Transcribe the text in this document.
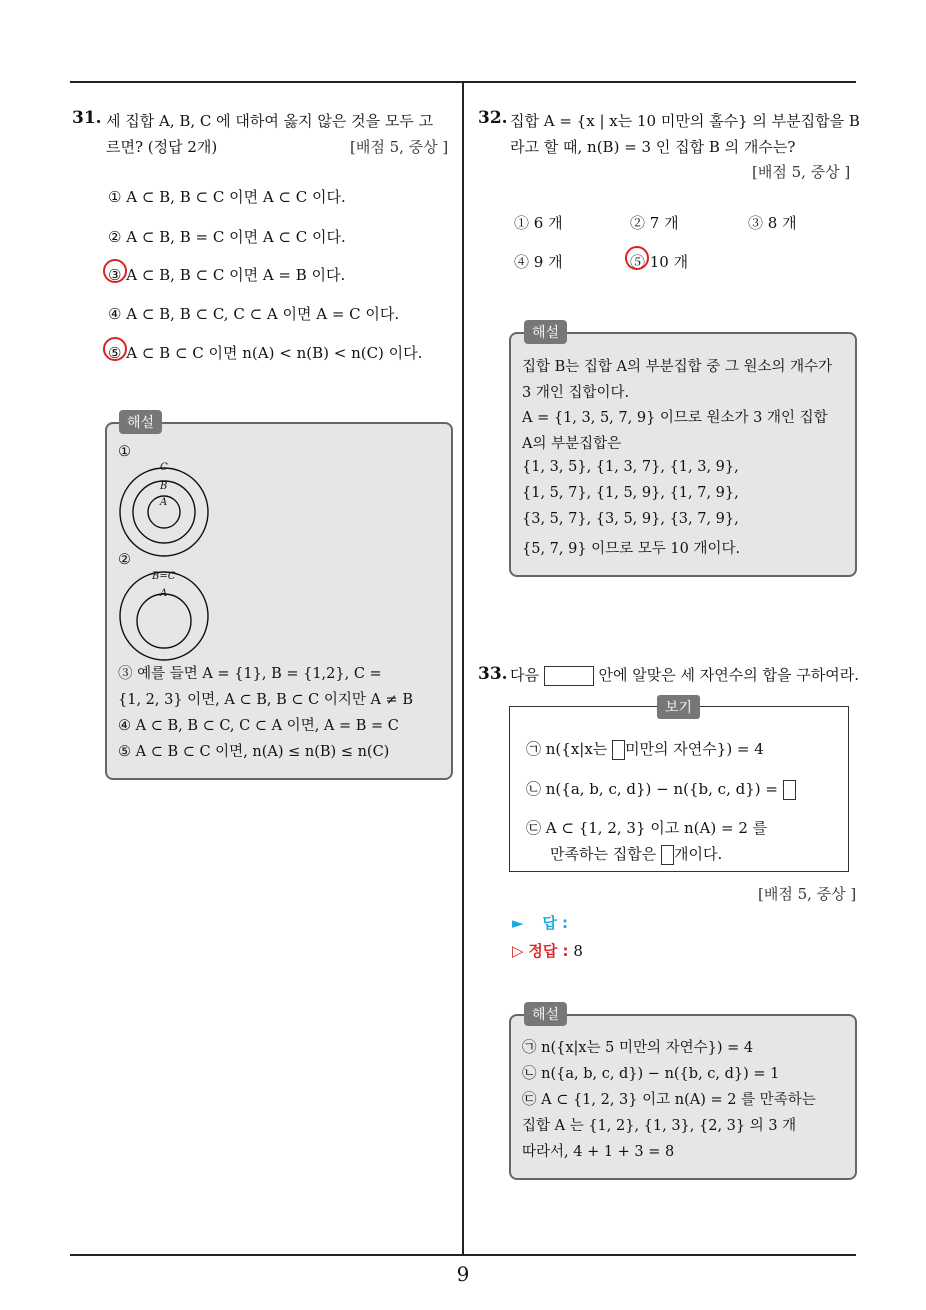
9
31. 세 집합 A, B, C 에 대하여 옳지 않은 것을 모두 고
르면? (정답 2개)	[배점 5, 중상 ]
① A ⊂ B, B ⊂ C 이면 A ⊂ C 이다.
② A ⊂ B, B = C 이면 A ⊂ C 이다.
③ A ⊂ B, B ⊂ C 이면 A = B 이다.
④ A ⊂ B, B ⊂ C, C ⊂ A 이면 A = C 이다.
⑤ A ⊂ B ⊂ C 이면 n(A) < n(B) < n(C) 이다.
해설
①
C
B
A
②
B=C
A
③ 예를 들면 A = {1}, B = {1,2}, C =
{1, 2, 3} 이면, A ⊂ B, B ⊂ C 이지만 A ≠ B
④ A ⊂ B, B ⊂ C, C ⊂ A 이면, A = B = C
⑤ A ⊂ B ⊂ C 이면, n(A) ≤ n(B) ≤ n(C)
32. 집합 A = {x | x는 10 미만의 홀수} 의 부분집합을 B
라고 할 때, n(B) = 3 인 집합 B 의 개수는?
[배점 5, 중상 ]
① 6 개	② 7 개	③ 8 개
④ 9 개	⑤ 10 개
해설
집합 B는 집합 A의 부분집합 중 그 원소의 개수가
3 개인 집합이다.
A = {1, 3, 5, 7, 9} 이므로 원소가 3 개인 집합
A의 부분집합은
{1, 3, 5}, {1, 3, 7}, {1, 3, 9},
{1, 5, 7}, {1, 5, 9}, {1, 7, 9},
{3, 5, 7}, {3, 5, 9}, {3, 7, 9},
{5, 7, 9} 이므로 모두 10 개이다.
33. 다음	안에 알맞은 세 자연수의 합을 구하여라.
보기
㉠ n({x|x는 미만의 자연수}) = 4
㉡ n({a, b, c, d}) − n({b, c, d}) =
㉢ A ⊂ {1, 2, 3} 이고 n(A) = 2 를
만족하는 집합은 개이다.
[배점 5, 중상 ]
► 답 :
▷ 정답 : 8
해설
㉠ n({x|x는 5 미만의 자연수}) = 4
㉡ n({a, b, c, d}) − n({b, c, d}) = 1
㉢ A ⊂ {1, 2, 3} 이고 n(A) = 2 를 만족하는
집합 A 는 {1, 2}, {1, 3}, {2, 3} 의 3 개
따라서, 4 + 1 + 3 = 8
